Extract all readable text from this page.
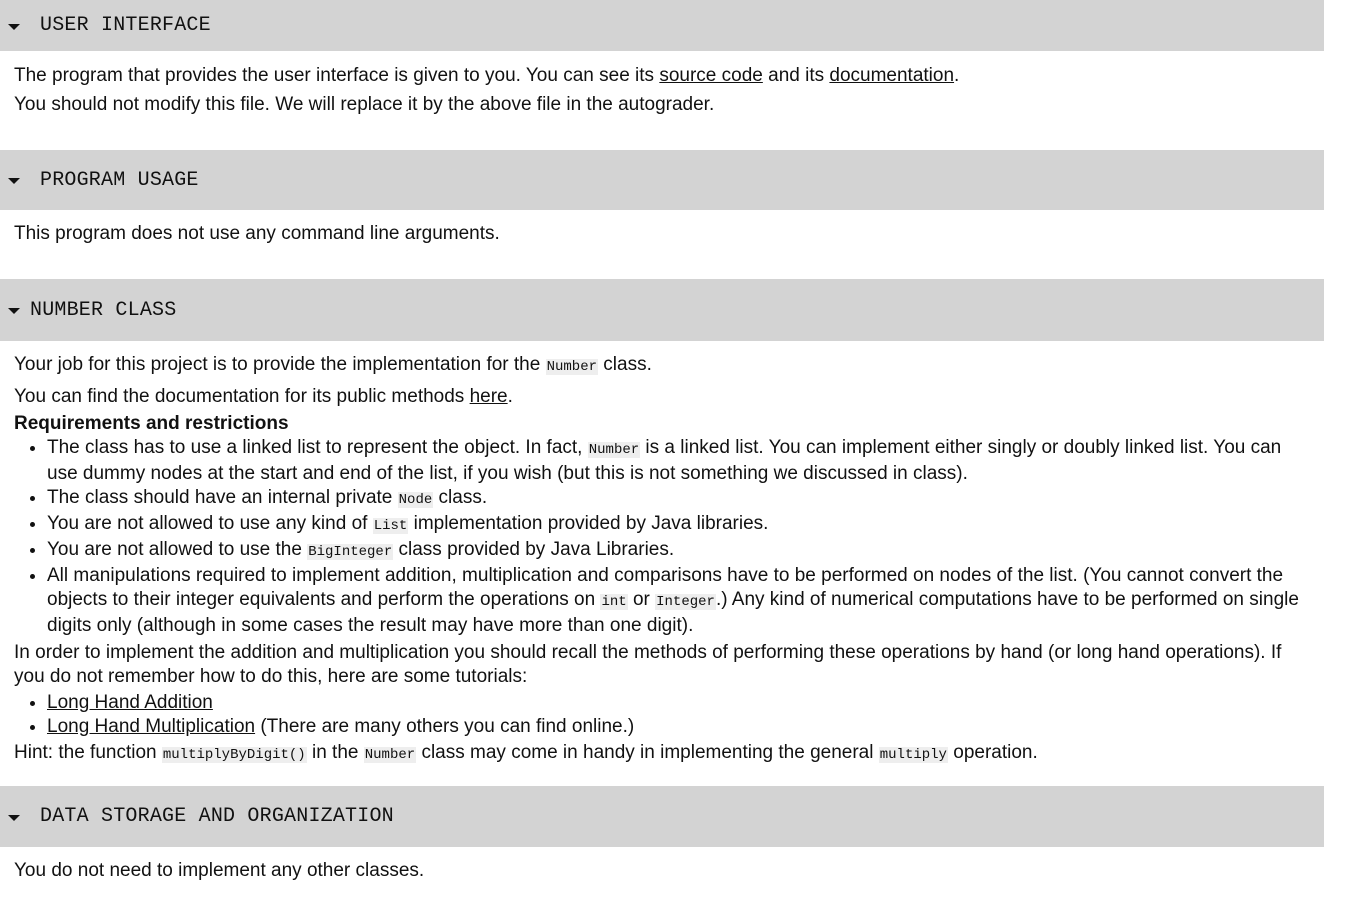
USER INTERFACE

The program that provides the user interface is given to you. You can see its source code and its documentation.

You should not modify this file. We will replace it by the above file in the autograder.

PROGRAM USAGE

This program does not use any command line arguments.

NUMBER CLASS

Your job for this project is to provide the implementation for the Number class.

You can find the documentation for its public methods here.

Requirements and restrictions
• The class has to use a linked list to represent the object. In fact, Number is a linked list. You can implement either singly or doubly linked list. You can use dummy nodes at the start and end of the list, if you wish (but this is not something we discussed in class).
• The class should have an internal private Node class.
• You are not allowed to use any kind of List implementation provided by Java libraries.
• You are not allowed to use the BigInteger class provided by Java Libraries.
• All manipulations required to implement addition, multiplication and comparisons have to be performed on nodes of the list. (You cannot convert the objects to their integer equivalents and perform the operations on int or Integer.) Any kind of numerical computations have to be performed on single digits only (although in some cases the result may have more than one digit).

In order to implement the addition and multiplication you should recall the methods of performing these operations by hand (or long hand operations). If you do not remember how to do this, here are some tutorials:

• Long Hand Addition
• Long Hand Multiplication (There are many others you can find online.)

Hint: the function multiplyByDigit() in the Number class may come in handy in implementing the general multiply operation.

DATA STORAGE AND ORGANIZATION

You do not need to implement any other classes.
